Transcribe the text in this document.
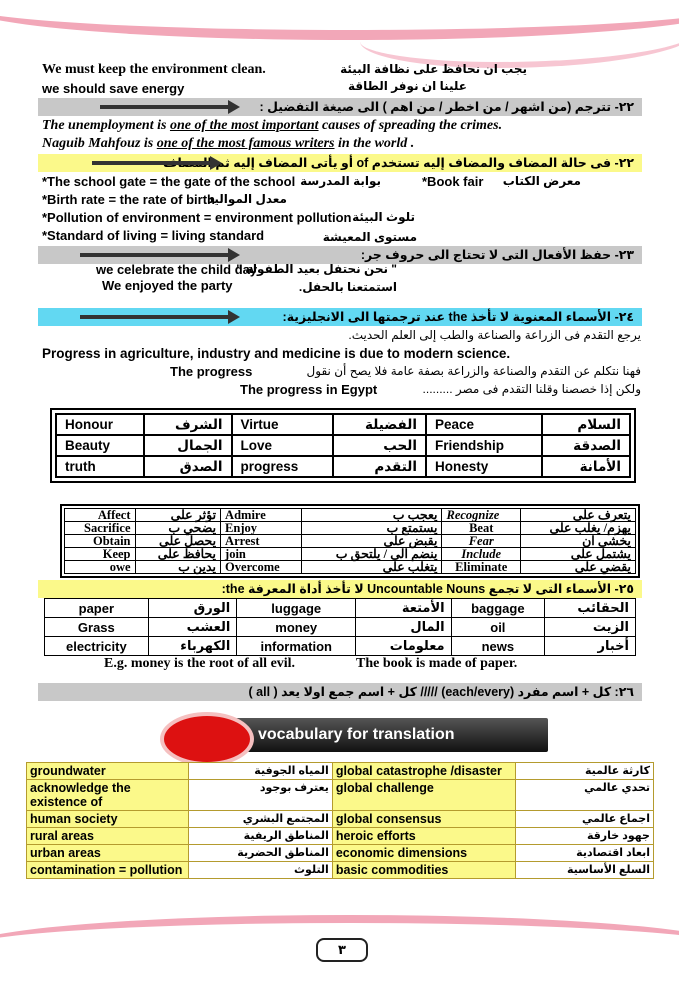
We must keep the environment clean.	يجب ان نحافظ على نظافة البيئة
we should save energy	علينا ان نوفر الطاقة
٢٢- تترجم (من اشهر / من اخطر / من اهم ) الى صيغة التفضيل :
The unemployment is one of the most important causes of spreading the crimes.
Naguib Mahfouz is one of the most famous writers in the world .
٢٢- فى حالة المضاف والمضاف إليه تستخدم of أو يأتى المضاف إليه ثم المضاف
*The school gate = the gate of the school بوابة المدرسة	*Book fair معرض الكتاب
*Birth rate = the rate of birth
معدل المواليد
*Pollution of environment = environment pollution تلوث البيئة
*Standard of living = living standard	مستوى المعيشة
٢٣- حفظ الأفعال التى لا تحتاج الى حروف جر:
we celebrate the child day
" نحن نحتفل بعيد الطفولة "
We enjoyed the party	استمتعنا بالحفل.
٢٤- الأسماء المعنوية لا تأخذ the عند ترجمتها الى الانجليزية:
يرجع التقدم فى الزراعة والصناعة والطب إلى العلم الحديث.
Progress in agriculture, industry and medicine is due to modern science.
فهنا نتكلم عن التقدم والصناعة والزراعة بصفة عامة فلا يصح أن نقول
The progress
ولكن إذا خصصنا وقلنا التقدم فى مصر .........
The progress in Egypt
Honour	الشرف	Virtue	الفضيلة	Peace	السلام
Beauty	الجمال	Love	الحب	Friendship	الصدقة
truth	الصدق	progress	التقدم	Honesty	الأمانة
Affect	تؤثر على	Admire	يعجب ب	Recognize	يتعرف على
Sacrifice	يضحي ب	Enjoy	يستمتع ب	Beat	يهزم/ يغلب على
Obtain	يحصل على	Arrest	يقبض على	Fear	يخشى ان
Keep	يحافظ على	join	ينضم الى / يلتحق ب	Include	يشتمل على
owe	يدين ب	Overcome	يتغلب على	Eliminate	يقضي على
٢٥- الأسماء التى لا تجمع Uncountable Nouns لا تأخذ أداة المعرفة the:
paper	الورق	luggage	الأمتعة	baggage	الحقائب
Grass	العشب	money	المال	oil	الزيت
electricity	الكهرباء	information	معلومات	news	أخبار
E.g. money is the root of all evil.	The book is made of paper.
٢٦: كل + اسم مفرد (each/every) ///// كل + اسم جمع اولا يعد ( all )
vocabulary for translation
groundwater	المياه الجوفية	global catastrophe /disaster	كارثة عالمية
acknowledge the existence of	يعترف بوجود	global challenge	تحدي عالمي
human society	المجتمع البشري	global consensus	اجماع عالمي
rural areas	المناطق الريفية	heroic efforts	جهود خارقة
urban areas	المناطق الحضرية	economic dimensions	ابعاد اقتصادية
contamination = pollution	التلوث	basic commodities	السلع الأساسية
٣
